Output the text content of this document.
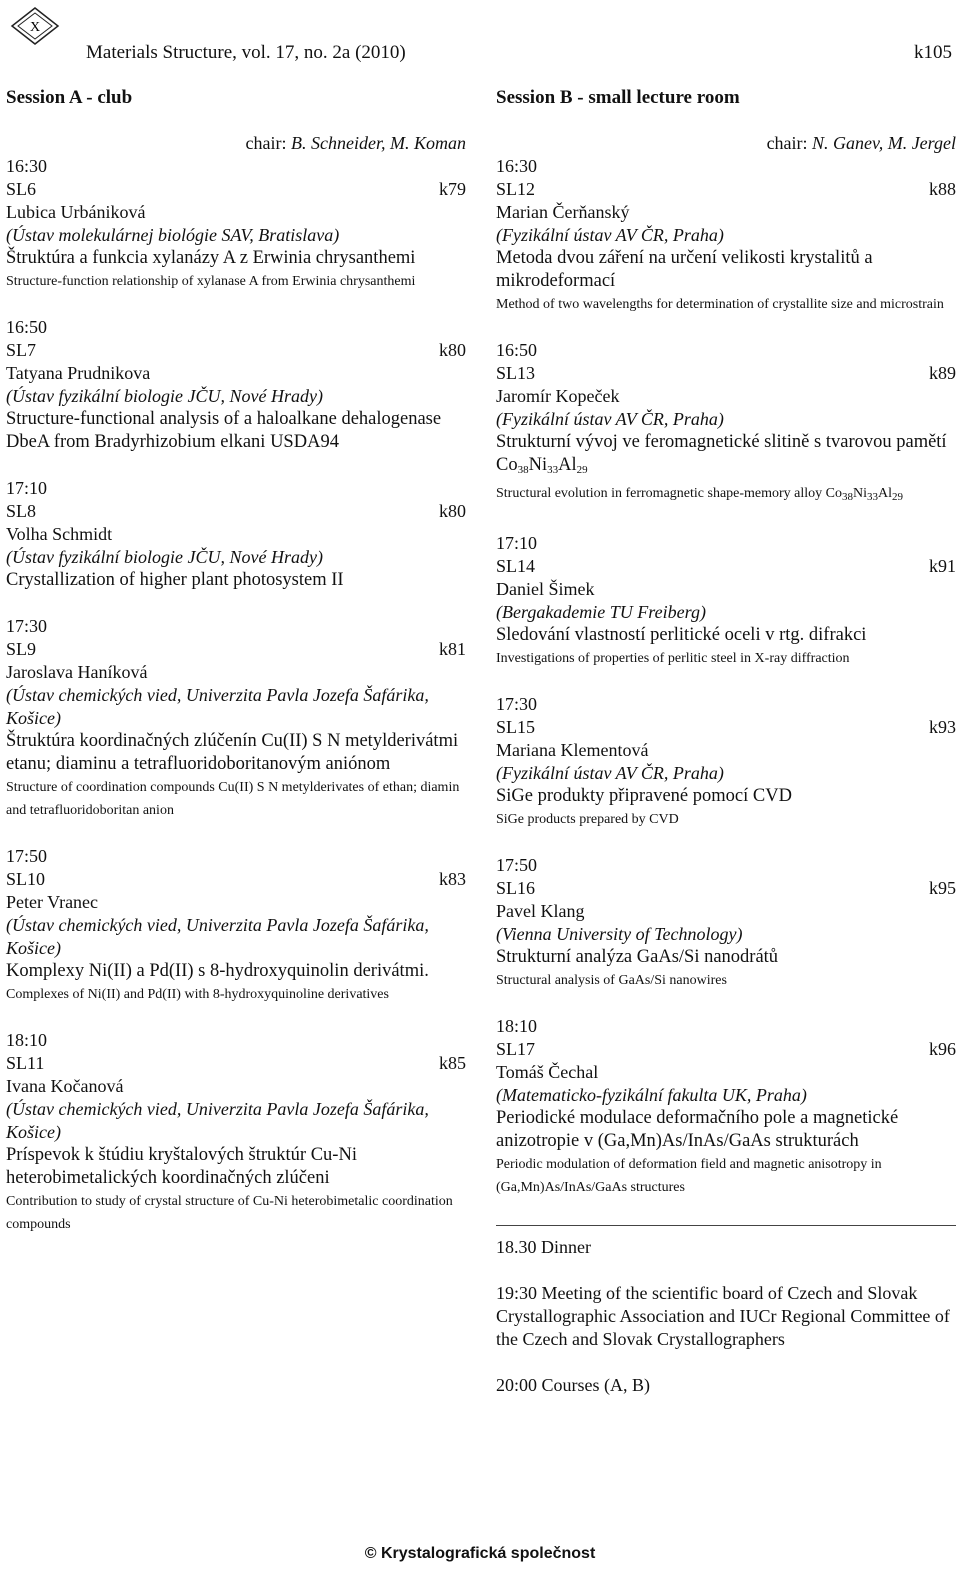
X
Materials Structure, vol. 17, no. 2a (2010)	k105
Session A - club
chair: B. Schneider, M. Koman
16:30
SL6	k79
Lubica Urbániková
(Ústav molekulárnej biológie SAV, Bratislava)
Štruktúra a funkcia xylanázy A z Erwinia chrysanthemi
Structure-function relationship of xylanase A from Erwinia chrysanthemi
16:50
SL7	k80
Tatyana Prudnikova
(Ústav fyzikální biologie JČU, Nové Hrady)
Structure-functional analysis of a haloalkane dehalogenase DbeA from Bradyrhizobium elkani USDA94
17:10
SL8	k80
Volha Schmidt
(Ústav fyzikální biologie JČU, Nové Hrady)
Crystallization of higher plant photosystem II
17:30
SL9	k81
Jaroslava Haníková
(Ústav chemických vied, Univerzita Pavla Jozefa Šafárika, Košice)
Štruktúra koordinačných zlúčenín Cu(II) S N metylderivátmi etanu; diaminu a tetrafluoridoboritanovým aniónom
Structure of coordination compounds Cu(II) S N metylderivates of ethan; diamin and tetrafluoridoboritan anion
17:50
SL10	k83
Peter Vranec
(Ústav chemických vied, Univerzita Pavla Jozefa Šafárika, Košice)
Komplexy Ni(II) a Pd(II) s 8-hydroxyquinolin derivátmi.
Complexes of Ni(II) and Pd(II) with 8-hydroxyquinoline derivatives
18:10
SL11	k85
Ivana Kočanová
(Ústav chemických vied, Univerzita Pavla Jozefa Šafárika, Košice)
Príspevok k štúdiu kryštalových štruktúr Cu-Ni heterobimetalických koordinačných zlúčeni
Contribution to study of crystal structure of Cu-Ni heterobimetalic coordination compounds
Session B - small lecture room
chair: N. Ganev, M. Jergel
16:30
SL12	k88
Marian Čerňanský
(Fyzikální ústav AV ČR, Praha)
Metoda dvou záření na určení velikosti krystalitů a mikrodeformací
Method of two wavelengths for determination of crystallite size and microstrain
16:50
SL13	k89
Jaromír Kopeček
(Fyzikální ústav AV ČR, Praha)
Strukturní vývoj ve feromagnetické slitině s tvarovou pamětí $Co_{38}Ni_{33}Al_{29}$
Structural evolution in ferromagnetic shape-memory alloy $Co_{38}Ni_{33}Al_{29}$
17:10
SL14	k91
Daniel Šimek
(Bergakademie TU Freiberg)
Sledování vlastností perlitické oceli v rtg. difrakci
Investigations of properties of perlitic steel in X-ray diffraction
17:30
SL15	k93
Mariana Klementová
(Fyzikální ústav AV ČR, Praha)
SiGe produkty připravené pomocí CVD
SiGe products prepared by CVD
17:50
SL16	k95
Pavel Klang
(Vienna University of Technology)
Strukturní analýza GaAs/Si nanodrátů
Structural analysis of GaAs/Si nanowires
18:10
SL17	k96
Tomáš Čechal
(Matematicko-fyzikální fakulta UK, Praha)
Periodické modulace deformačního pole a magnetické anizotropie v (Ga,Mn)As/InAs/GaAs strukturách
Periodic modulation of deformation field and magnetic anisotropy in (Ga,Mn)As/InAs/GaAs structures

18.30 Dinner

19:30 Meeting of the scientific board of Czech and Slovak Crystallographic Association and IUCr Regional Committee of the Czech and Slovak Crystallographers

20:00 Courses (A, B)

© Krystalografická společnost
